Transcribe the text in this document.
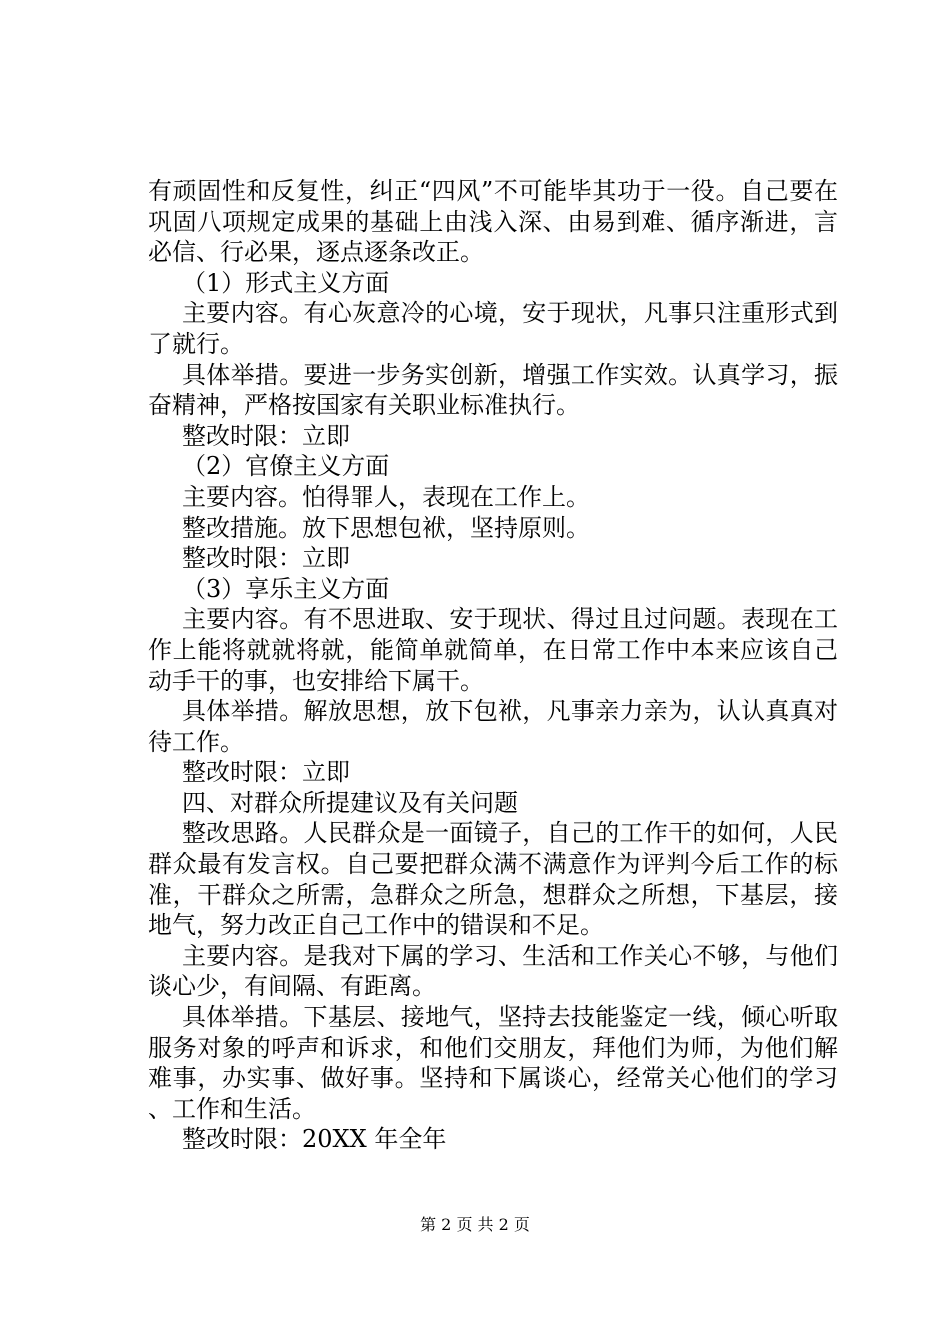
有顽固性和反复性，纠正“四风”不可能毕其功于一役。自己要在巩固八项规定成果的基础上由浅入深、由易到难、循序渐进，言必信、行必果，逐点逐条改正。

（1）形式主义方面

主要内容。有心灰意冷的心境，安于现状，凡事只注重形式到了就行。

具体举措。要进一步务实创新，增强工作实效。认真学习，振奋精神，严格按国家有关职业标准执行。

整改时限：立即

（2）官僚主义方面

主要内容。怕得罪人，表现在工作上。

整改措施。放下思想包袱，坚持原则。

整改时限：立即

（3）享乐主义方面

主要内容。有不思进取、安于现状、得过且过问题。表现在工作上能将就就将就，能简单就简单，在日常工作中本来应该自己动手干的事，也安排给下属干。

具体举措。解放思想，放下包袱，凡事亲力亲为，认认真真对待工作。

整改时限：立即

四、对群众所提建议及有关问题

整改思路。人民群众是一面镜子，自己的工作干的如何，人民群众最有发言权。自己要把群众满不满意作为评判今后工作的标准，干群众之所需，急群众之所急，想群众之所想，下基层，接地气，努力改正自己工作中的错误和不足。

主要内容。是我对下属的学习、生活和工作关心不够，与他们谈心少，有间隔、有距离。

具体举措。下基层、接地气，坚持去技能鉴定一线，倾心听取服务对象的呼声和诉求，和他们交朋友，拜他们为师，为他们解难事，办实事、做好事。坚持和下属谈心，经常关心他们的学习、工作和生活。

整改时限：20XX 年全年

第 2 页 共 2 页
